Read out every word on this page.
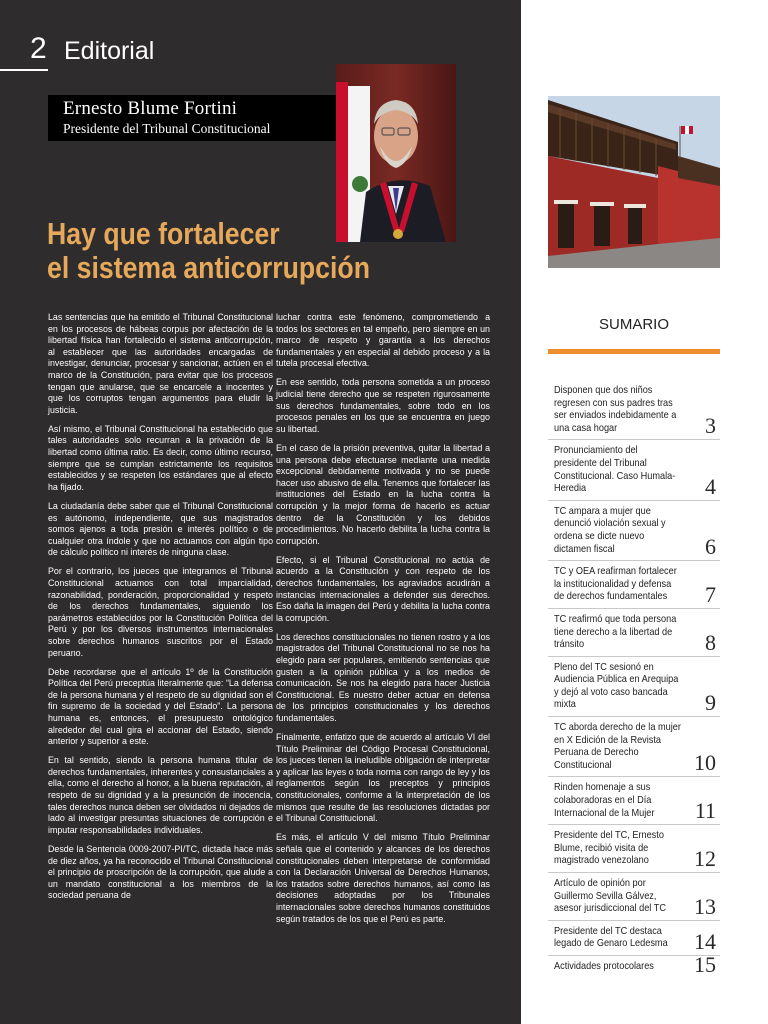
2 Editorial
Ernesto Blume Fortini
Presidente del Tribunal Constitucional
Hay que fortalecer
el sistema anticorrupción

Las sentencias que ha emitido el Tribunal Constitucional en los procesos de hábeas corpus por afectación de la libertad física han fortalecido el sistema anticorrupción, al establecer que las autoridades encargadas de investigar, denunciar, procesar y sancionar, actúen en el marco de la Constitución, para evitar que los procesos tengan que anularse, que se encarcele a inocentes y que los corruptos tengan argumentos para eludir la justicia.

Así mismo, el Tribunal Constitucional ha establecido que tales autoridades solo recurran a la privación de la libertad como última ratio. Es decir, como último recurso, siempre que se cumplan estrictamente los requisitos establecidos y se respeten los estándares que al efecto ha fijado.

La ciudadanía debe saber que el Tribunal Constitucional es autónomo, independiente, que sus magistrados somos ajenos a toda presión e interés político o de cualquier otra índole y que no actuamos con algún tipo de cálculo político ni interés de ninguna clase.

Por el contrario, los jueces que integramos el Tribunal Constitucional actuamos con total imparcialidad, razonabilidad, ponderación, proporcionalidad y respeto de los derechos fundamentales, siguiendo los parámetros establecidos por la Constitución Política del Perú y por los diversos instrumentos internacionales sobre derechos humanos suscritos por el Estado peruano.

Debe recordarse que el artículo 1º de la Constitución Política del Perú preceptúa literalmente que: “La defensa de la persona humana y el respeto de su dignidad son el fin supremo de la sociedad y del Estado”. La persona humana es, entonces, el presupuesto ontológico alrededor del cual gira el accionar del Estado, siendo anterior y superior a este.

En tal sentido, siendo la persona humana titular de derechos fundamentales, inherentes y consustanciales a ella, como el derecho al honor, a la buena reputación, al respeto de su dignidad y a la presunción de inocencia, tales derechos nunca deben ser olvidados ni dejados de lado al investigar presuntas situaciones de corrupción e imputar responsabilidades individuales.

Desde la Sentencia 0009-2007-PI/TC, dictada hace más de diez años, ya ha reconocido el Tribunal Constitucional el principio de proscripción de la corrupción, que alude a un mandato constitucional a los miembros de la sociedad peruana de

luchar contra este fenómeno, comprometiendo a todos los sectores en tal empeño, pero siempre en un marco de respeto y garantía a los derechos fundamentales y en especial al debido proceso y a la tutela procesal efectiva.

En ese sentido, toda persona sometida a un proceso judicial tiene derecho que se respeten rigurosamente sus derechos fundamentales, sobre todo en los procesos penales en los que se encuentra en juego su libertad.

En el caso de la prisión preventiva, quitar la libertad a una persona debe efectuarse mediante una medida excepcional debidamente motivada y no se puede hacer uso abusivo de ella. Tenemos que fortalecer las instituciones del Estado en la lucha contra la corrupción y la mejor forma de hacerlo es actuar dentro de la Constitución y los debidos procedimientos. No hacerlo debilita la lucha contra la corrupción.

Efecto, si el Tribunal Constitucional no actúa de acuerdo a la Constitución y con respeto de los derechos fundamentales, los agraviados acudirán a instancias internacionales a defender sus derechos. Eso daña la imagen del Perú y debilita la lucha contra la corrupción.

Los derechos constitucionales no tienen rostro y a los magistrados del Tribunal Constitucional no se nos ha elegido para ser populares, emitiendo sentencias que gusten a la opinión pública y a los medios de comunicación. Se nos ha elegido para hacer Justicia Constitucional. Es nuestro deber actuar en defensa de los principios constitucionales y los derechos fundamentales.

Finalmente, enfatizo que de acuerdo al artículo VI del Título Preliminar del Código Procesal Constitucional, los jueces tienen la ineludible obligación de interpretar y aplicar las leyes o toda norma con rango de ley y los reglamentos según los preceptos y principios constitucionales, conforme a la interpretación de los mismos que resulte de las resoluciones dictadas por el Tribunal Constitucional.

Es más, el artículo V del mismo Título Preliminar señala que el contenido y alcances de los derechos constitucionales deben interpretarse de conformidad con la Declaración Universal de Derechos Humanos, los tratados sobre derechos humanos, así como las decisiones adoptadas por los Tribunales internacionales sobre derechos humanos constituidos según tratados de los que el Perú es parte.

SUMARIO
Disponen que dos niños regresen con sus padres tras ser enviados indebidamente a una casa hogar	3
Pronunciamiento del presidente del Tribunal Constitucional. Caso Humala-Heredia	4
TC ampara a mujer que denunció violación sexual y ordena se dicte nuevo dictamen fiscal	6
TC y OEA reafirman fortalecer la institucionalidad y defensa de derechos fundamentales	7
TC reafirmó que toda persona tiene derecho a la libertad de tránsito	8
Pleno del TC sesionó en Audiencia Pública en Arequipa y dejó al voto caso bancada mixta	9
TC aborda derecho de la mujer en X Edición de la Revista Peruana de Derecho Constitucional	10
Rinden homenaje a sus colaboradoras en el Día Internacional de la Mujer	11
Presidente del TC, Ernesto Blume, recibió visita de magistrado venezolano	12
Artículo de opinión por Guillermo Sevilla Gálvez, asesor jurisdiccional del TC	13
Presidente del TC destaca legado de Genaro Ledesma	14
Actividades protocolares	15
